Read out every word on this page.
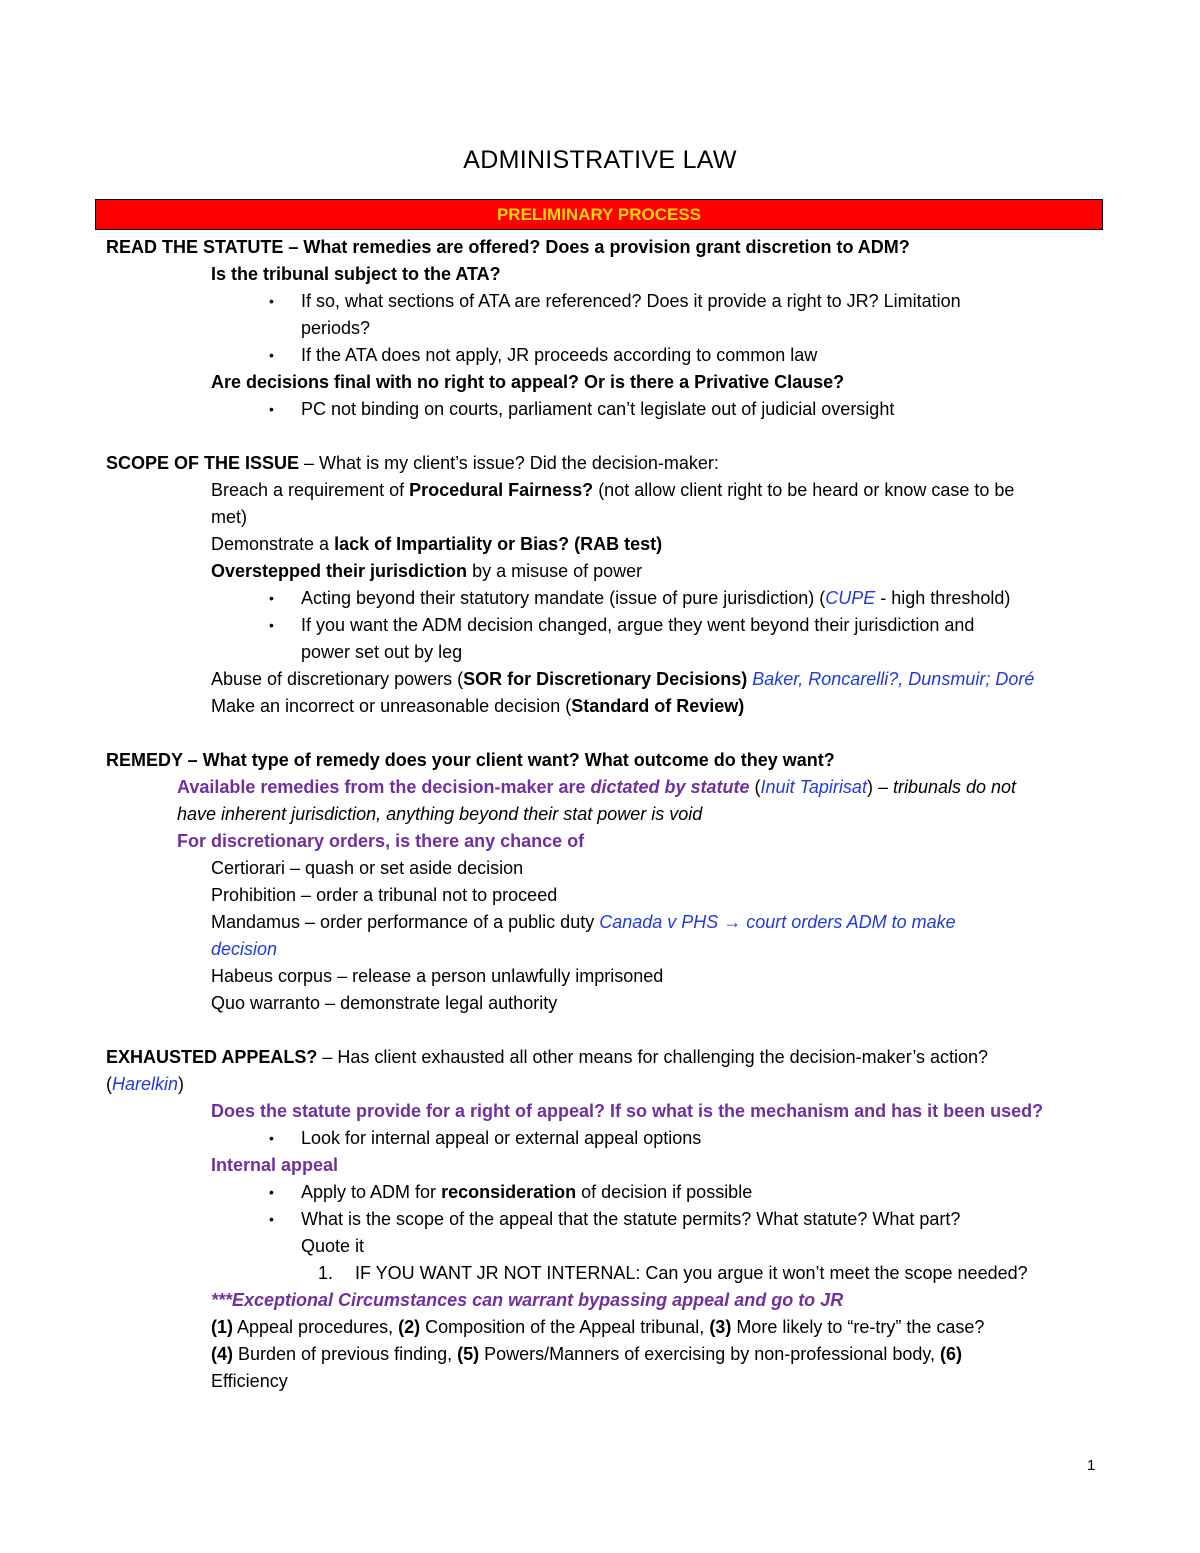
ADMINISTRATIVE LAW
PRELIMINARY PROCESS
READ THE STATUTE – What remedies are offered? Does a provision grant discretion to ADM?
Is the tribunal subject to the ATA?
• If so, what sections of ATA are referenced? Does it provide a right to JR? Limitation
periods?
• If the ATA does not apply, JR proceeds according to common law
Are decisions final with no right to appeal? Or is there a Privative Clause?
• PC not binding on courts, parliament can’t legislate out of judicial oversight
SCOPE OF THE ISSUE – What is my client’s issue? Did the decision-maker:
Breach a requirement of Procedural Fairness? (not allow client right to be heard or know case to be
met)
Demonstrate a lack of Impartiality or Bias? (RAB test)
Overstepped their jurisdiction by a misuse of power
• Acting beyond their statutory mandate (issue of pure jurisdiction) (CUPE - high threshold)
• If you want the ADM decision changed, argue they went beyond their jurisdiction and
power set out by leg
Abuse of discretionary powers (SOR for Discretionary Decisions) Baker, Roncarelli?, Dunsmuir; Doré
Make an incorrect or unreasonable decision (Standard of Review)
REMEDY – What type of remedy does your client want? What outcome do they want?
Available remedies from the decision-maker are dictated by statute (Inuit Tapirisat) – tribunals do not
have inherent jurisdiction, anything beyond their stat power is void
For discretionary orders, is there any chance of
Certiorari – quash or set aside decision
Prohibition – order a tribunal not to proceed
Mandamus – order performance of a public duty Canada v PHS → court orders ADM to make
decision
Habeus corpus – release a person unlawfully imprisoned
Quo warranto – demonstrate legal authority
EXHAUSTED APPEALS? – Has client exhausted all other means for challenging the decision-maker’s action?
(Harelkin)
Does the statute provide for a right of appeal? If so what is the mechanism and has it been used?
• Look for internal appeal or external appeal options
Internal appeal
• Apply to ADM for reconsideration of decision if possible
• What is the scope of the appeal that the statute permits? What statute? What part?
Quote it
1. IF YOU WANT JR NOT INTERNAL: Can you argue it won’t meet the scope needed?
***Exceptional Circumstances can warrant bypassing appeal and go to JR
(1) Appeal procedures, (2) Composition of the Appeal tribunal, (3) More likely to “re-try” the case?
(4) Burden of previous finding, (5) Powers/Manners of exercising by non-professional body, (6)
Efficiency
1
